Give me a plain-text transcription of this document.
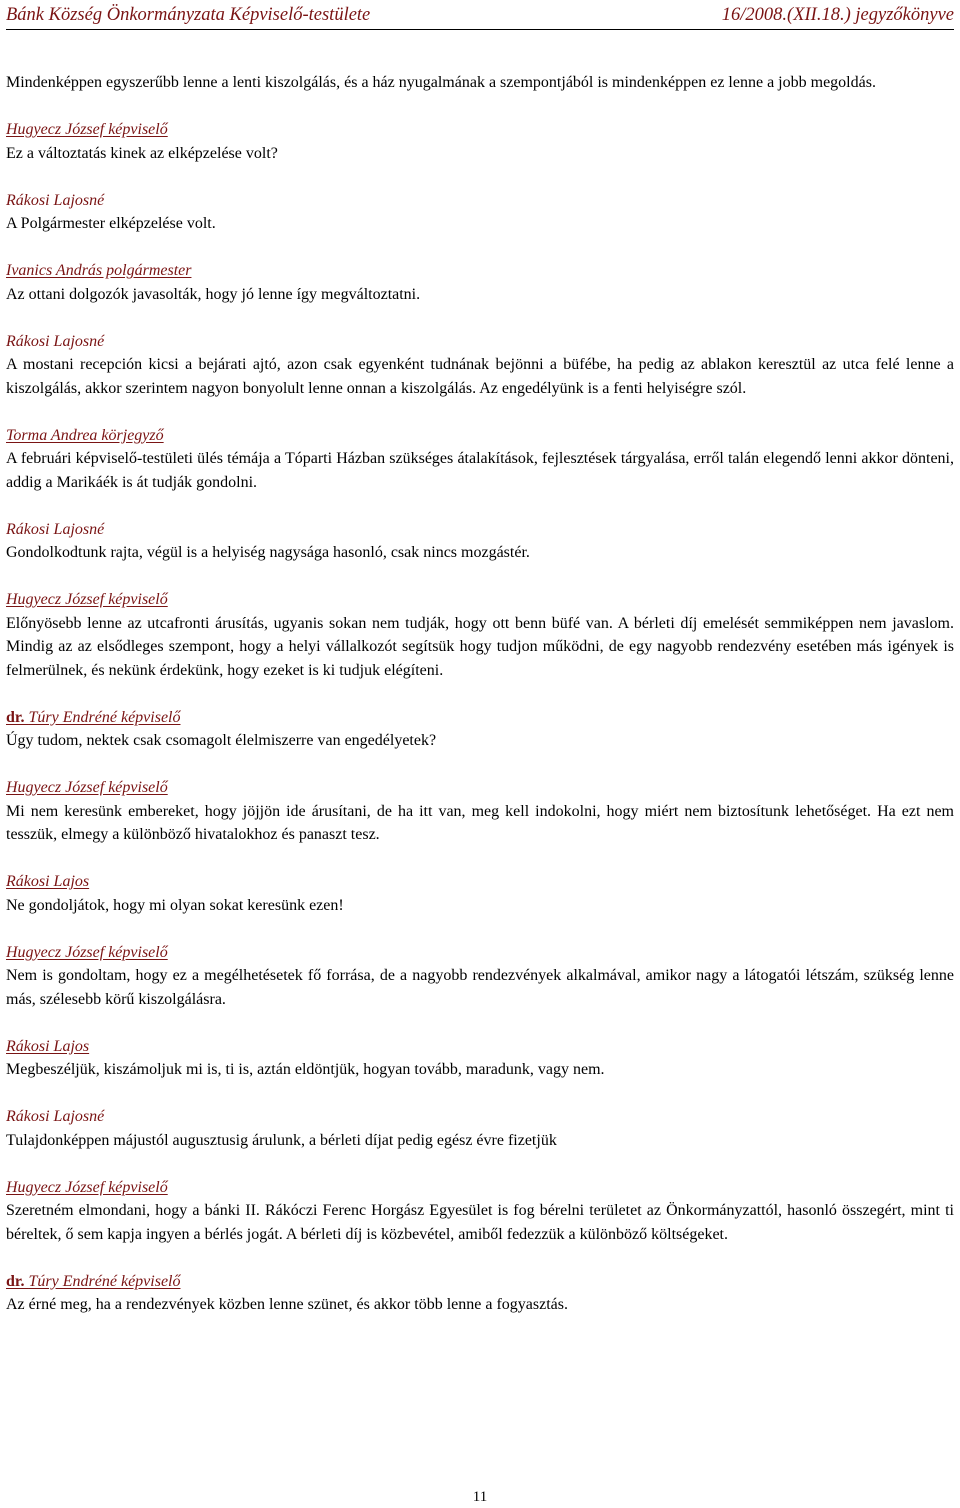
Bánk Község Önkormányzata Képviselő-testülete	16/2008.(XII.18.) jegyzőkönyve
Mindenképpen egyszerűbb lenne a lenti kiszolgálás, és a ház nyugalmának a szempontjából is mindenképpen ez lenne a jobb megoldás.
Hugyecz József képviselő
Ez a változtatás kinek az elképzelése volt?
Rákosi Lajosné
A Polgármester elképzelése volt.
Ivanics András polgármester
Az ottani dolgozók javasolták, hogy jó lenne így megváltoztatni.
Rákosi Lajosné
A mostani recepción kicsi a bejárati ajtó, azon csak egyenként tudnának bejönni a büfébe, ha pedig az ablakon keresztül az utca felé lenne a kiszolgálás, akkor szerintem nagyon bonyolult lenne onnan a kiszolgálás. Az engedélyünk is a fenti helyiségre szól.
Torma Andrea körjegyző
A februári képviselő-testületi ülés témája a Tóparti Házban szükséges átalakítások, fejlesztések tárgyalása, erről talán elegendő lenni akkor dönteni, addig a Marikáék is át tudják gondolni.
Rákosi Lajosné
Gondolkodtunk rajta, végül is a helyiség nagysága hasonló, csak nincs mozgástér.
Hugyecz József képviselő
Előnyösebb lenne az utcafronti árusítás, ugyanis sokan nem tudják, hogy ott benn büfé van. A bérleti díj emelését semmiképpen nem javaslom. Mindig az az elsődleges szempont, hogy a helyi vállalkozót segítsük hogy tudjon működni, de egy nagyobb rendezvény esetében más igények is felmerülnek, és nekünk érdekünk, hogy ezeket is ki tudjuk elégíteni.
dr. Túry Endréné képviselő
Úgy tudom, nektek csak csomagolt élelmiszerre van engedélyetek?
Hugyecz József képviselő
Mi nem keresünk embereket, hogy jöjjön ide árusítani, de ha itt van, meg kell indokolni, hogy miért nem biztosítunk lehetőséget. Ha ezt nem tesszük, elmegy a különböző hivatalokhoz és panaszt tesz.
Rákosi Lajos
Ne gondoljátok, hogy mi olyan sokat keresünk ezen!
Hugyecz József képviselő
Nem is gondoltam, hogy ez a megélhetésetek fő forrása, de a nagyobb rendezvények alkalmával, amikor nagy a látogatói létszám, szükség lenne más, szélesebb körű kiszolgálásra.
Rákosi Lajos
Megbeszéljük, kiszámoljuk mi is, ti is, aztán eldöntjük, hogyan tovább, maradunk, vagy nem.
Rákosi Lajosné
Tulajdonképpen májustól augusztusig árulunk, a bérleti díjat pedig egész évre fizetjük
Hugyecz József képviselő
Szeretném elmondani, hogy a bánki II. Rákóczi Ferenc Horgász Egyesület is fog bérelni területet az Önkormányzattól, hasonló összegért, mint ti béreltek, ő sem kapja ingyen a bérlés jogát. A bérleti díj is közbevétel, amiből fedezzük a különböző költségeket.
dr. Túry Endréné képviselő
Az érné meg, ha a rendezvények közben lenne szünet, és akkor több lenne a fogyasztás.
11
